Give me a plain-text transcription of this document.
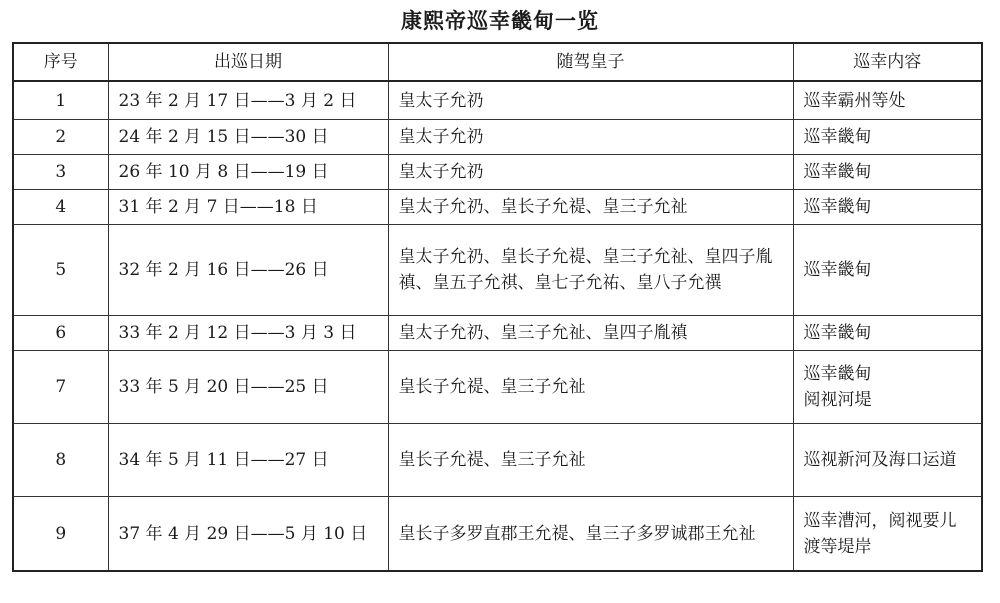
康熙帝巡幸畿甸一览
序号	出巡日期	随驾皇子	巡幸内容
1	23 年 2 月 17 日——3 月 2 日	皇太子允礽	巡幸霸州等处
2	24 年 2 月 15 日——30 日	皇太子允礽	巡幸畿甸
3	26 年 10 月 8 日——19 日	皇太子允礽	巡幸畿甸
4	31 年 2 月 7 日——18 日	皇太子允礽、皇长子允禔、皇三子允祉	巡幸畿甸
5	32 年 2 月 16 日——26 日	皇太子允礽、皇长子允禔、皇三子允祉、皇四子胤禛、皇五子允祺、皇七子允祐、皇八子允禩	巡幸畿甸
6	33 年 2 月 12 日——3 月 3 日	皇太子允礽、皇三子允祉、皇四子胤禛	巡幸畿甸
7	33 年 5 月 20 日——25 日	皇长子允禔、皇三子允祉	巡幸畿甸
阅视河堤
8	34 年 5 月 11 日——27 日	皇长子允禔、皇三子允祉	巡视新河及海口运道
9	37 年 4 月 29 日——5 月 10 日	皇长子多罗直郡王允禔、皇三子多罗诚郡王允祉	巡幸漕河，阅视要儿渡等堤岸
